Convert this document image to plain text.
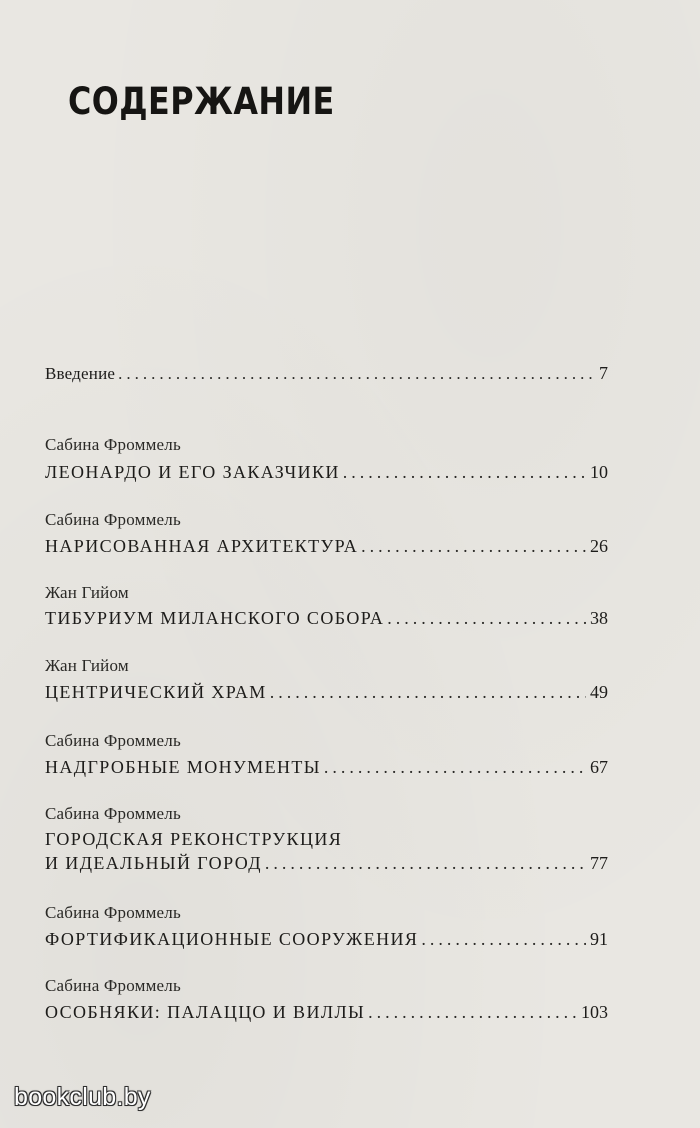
СОДЕРЖАНИЕ
Введение .....	7
Сабина Фроммель
ЛЕОНАРДО И ЕГО ЗАКАЗЧИКИ .....	10
Сабина Фроммель
НАРИСОВАННАЯ АРХИТЕКТУРА .....	26
Жан Гийом
ТИБУРИУМ МИЛАНСКОГО СОБОРА .....	38
Жан Гийом
ЦЕНТРИЧЕСКИЙ ХРАМ .....	49
Сабина Фроммель
НАДГРОБНЫЕ МОНУМЕНТЫ .....	67
Сабина Фроммель
ГОРОДСКАЯ РЕКОНСТРУКЦИЯ
И ИДЕАЛЬНЫЙ ГОРОД .....	77
Сабина Фроммель
ФОРТИФИКАЦИОННЫЕ СООРУЖЕНИЯ .....	91
Сабина Фроммель
ОСОБНЯКИ: ПАЛАЦЦО И ВИЛЛЫ .....	103
bookclub.by
